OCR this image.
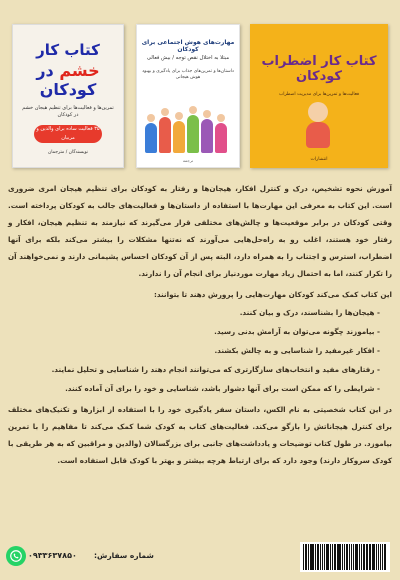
کتاب کار
خشم در کودکان
تمرین‌ها و فعالیت‌ها برای تنظیم هیجان خشم در کودکان
۳۵ فعالیت ساده برای والدین و مربیان
نویسندگان / مترجمان
مهارت‌های هوش اجتماعی برای کودکان
مبتلا به اختلال نقص توجه / بیش فعالی
داستان‌ها و تمرین‌های جذاب برای یادگیری و بهبود هوش هیجانی
ترجمه
کتاب کار اضطراب کودکان
فعالیت‌ها و تمرین‌ها برای مدیریت اضطراب
انتشارات

آموزش نحوه تشخیص، درک و کنترل افکار، هیجان‌ها و رفتار به کودکان برای تنظیم هیجان امری ضروری است. این کتاب به معرفی این مهارت‌ها با استفاده از داستان‌ها و فعالیت‌های جالب به کودکان پرداخته است. وقتی کودکان در برابر موقعیت‌ها و چالش‌های مختلفی قرار می‌گیرند که نیازمند به تنظیم هیجان، افکار و رفتار خود هستند، اغلب رو به راه‌حل‌هایی می‌آورند که نه‌تنها مشکلات را بیشتر می‌کند بلکه برای آنها اضطراب، استرس و اجتناب را به همراه دارد، البته پس از آن کودکان احساس پشیمانی دارند و نمی‌خواهند آن را تکرار کنند، اما به احتمال زیاد مهارت موردنیاز برای انجام آن را ندارند.

این کتاب کمک می‌کند کودکان مهارت‌هایی را پرورش دهند تا بتوانند:

- هیجان‌ها را بشناسند، درک و بیان کنند.
- بیاموزند چگونه می‌توان به آرامش بدنی رسید.
- افکار غیرمفید را شناسایی و به چالش بکشند.
- رفتارهای مفید و انتخاب‌های سازگارتری که می‌توانند انجام دهند را شناسایی و تحلیل نمایند.
- شرایطی را که ممکن است برای آنها دشوار باشد، شناسایی و خود را برای آن آماده کنند.

در این کتاب شخصیتی به نام الکس، داستان سفر یادگیری خود را با استفاده از ابزارها و تکنیک‌های مختلف برای کنترل هیجاناتش را بازگو می‌کند. فعالیت‌های کتاب به کودک شما کمک می‌کند تا مفاهیم را با تمرین بیاموزد. در طول کتاب توضیحات و یادداشت‌های جانبی برای بزرگسالان (والدین و مراقبین که به هر طریقی با کودک سروکار دارند) وجود دارد که برای ارتباط هرچه بیشتر و بهتر با کودک قابل استفاده است.

۰۹۳۳۶۳۷۸۵۰ شماره سفارش:
